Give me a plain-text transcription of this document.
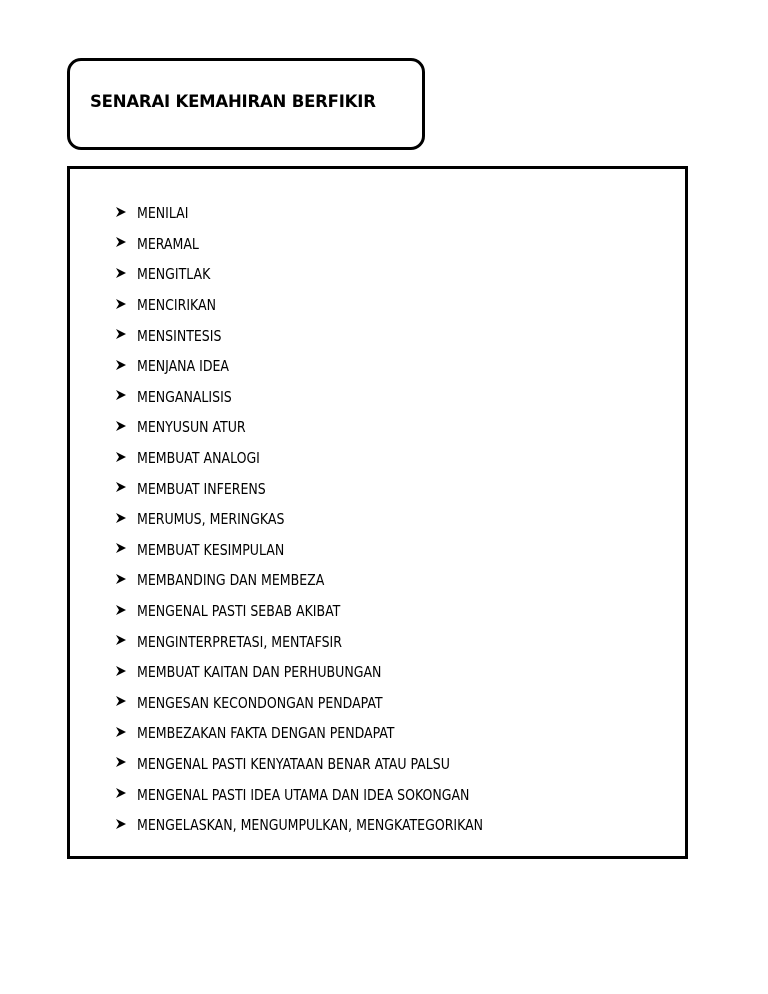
SENARAI KEMAHIRAN BERFIKIR
MENILAI
MERAMAL
MENGITLAK
MENCIRIKAN
MENSINTESIS
MENJANA IDEA
MENGANALISIS
MENYUSUN ATUR
MEMBUAT ANALOGI
MEMBUAT INFERENS
MERUMUS, MERINGKAS
MEMBUAT KESIMPULAN
MEMBANDING DAN MEMBEZA
MENGENAL PASTI SEBAB AKIBAT
MENGINTERPRETASI, MENTAFSIR
MEMBUAT KAITAN DAN PERHUBUNGAN
MENGESAN KECONDONGAN PENDAPAT
MEMBEZAKAN FAKTA DENGAN PENDAPAT
MENGENAL PASTI KENYATAAN BENAR ATAU PALSU
MENGENAL PASTI IDEA UTAMA DAN IDEA SOKONGAN
MENGELASKAN, MENGUMPULKAN, MENGKATEGORIKAN
